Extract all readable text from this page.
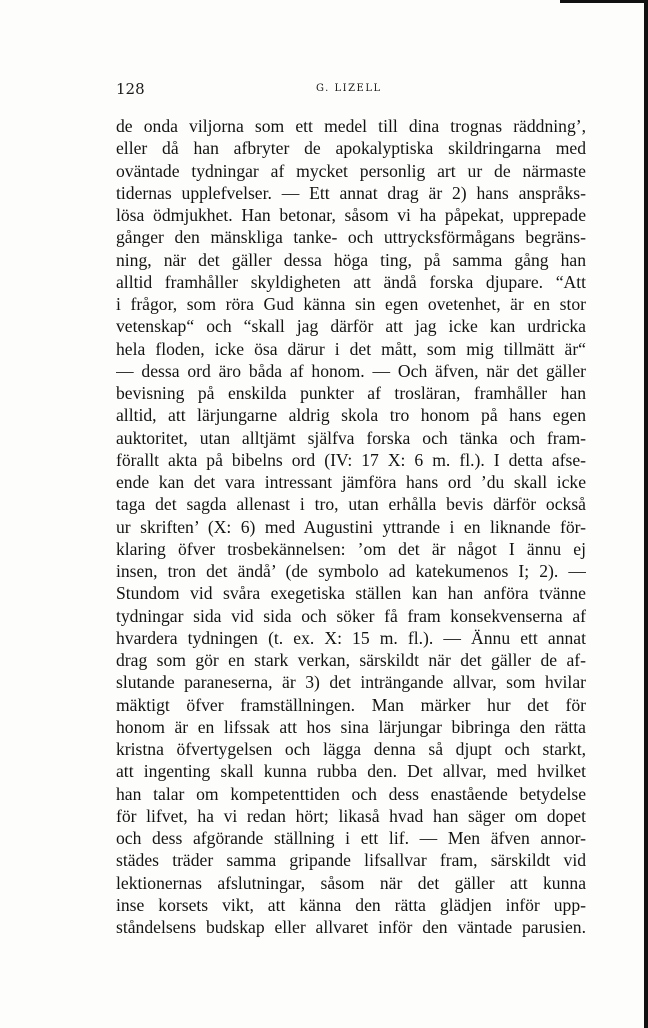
128	G. LIZELL
de onda viljorna som ett medel till dina trognas räddning’,
eller då han afbryter de apokalyptiska skildringarna med
oväntade tydningar af mycket personlig art ur de närmaste
tidernas upplefvelser. — Ett annat drag är 2) hans anspråks-
lösa ödmjukhet. Han betonar, såsom vi ha påpekat, upprepade
gånger den mänskliga tanke- och uttrycksförmågans begräns-
ning, när det gäller dessa höga ting, på samma gång han
alltid framhåller skyldigheten att ändå forska djupare. “Att
i frågor, som röra Gud känna sin egen ovetenhet, är en stor
vetenskap“ och “skall jag därför att jag icke kan urdricka
hela floden, icke ösa därur i det mått, som mig tillmätt är“
— dessa ord äro båda af honom. — Och äfven, när det gäller
bevisning på enskilda punkter af trosläran, framhåller han
alltid, att lärjungarne aldrig skola tro honom på hans egen
auktoritet, utan alltjämt själfva forska och tänka och fram-
förallt akta på bibelns ord (IV: 17 X: 6 m. fl.). I detta afse-
ende kan det vara intressant jämföra hans ord ’du skall icke
taga det sagda allenast i tro, utan erhålla bevis därför också
ur skriften’ (X: 6) med Augustini yttrande i en liknande för-
klaring öfver trosbekännelsen: ’om det är något I ännu ej
insen, tron det ändå’ (de symbolo ad katekumenos I; 2). —
Stundom vid svåra exegetiska ställen kan han anföra tvänne
tydningar sida vid sida och söker få fram konsekvenserna af
hvardera tydningen (t. ex. X: 15 m. fl.). — Ännu ett annat
drag som gör en stark verkan, särskildt när det gäller de af-
slutande paraneserna, är 3) det inträngande allvar, som hvilar
mäktigt öfver framställningen. Man märker hur det för
honom är en lifssak att hos sina lärjungar bibringa den rätta
kristna öfvertygelsen och lägga denna så djupt och starkt,
att ingenting skall kunna rubba den. Det allvar, med hvilket
han talar om kompetenttiden och dess enastående betydelse
för lifvet, ha vi redan hört; likaså hvad han säger om dopet
och dess afgörande ställning i ett lif. — Men äfven annor-
städes träder samma gripande lifsallvar fram, särskildt vid
lektionernas afslutningar, såsom när det gäller att kunna
inse korsets vikt, att känna den rätta glädjen inför upp-
ståndelsens budskap eller allvaret inför den väntade parusien.
